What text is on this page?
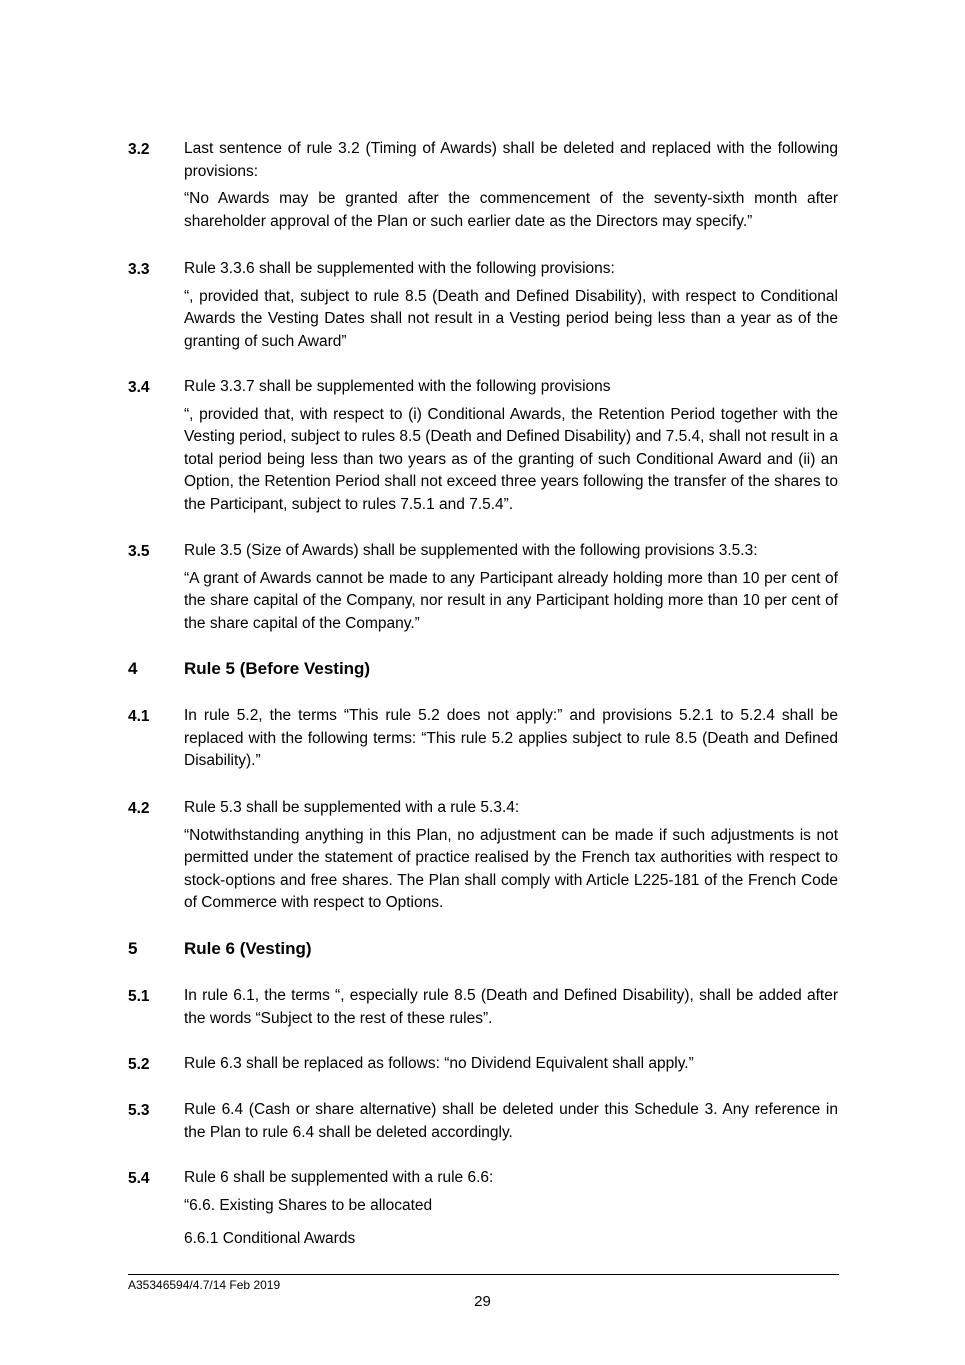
3.2	Last sentence of rule 3.2 (Timing of Awards) shall be deleted and replaced with the following provisions:

“No Awards may be granted after the commencement of the seventy-sixth month after shareholder approval of the Plan or such earlier date as the Directors may specify.”

3.3	Rule 3.3.6 shall be supplemented with the following provisions:

“, provided that, subject to rule 8.5 (Death and Defined Disability), with respect to Conditional Awards the Vesting Dates shall not result in a Vesting period being less than a year as of the granting of such Award”

3.4	Rule 3.3.7 shall be supplemented with the following provisions

“, provided that, with respect to (i) Conditional Awards, the Retention Period together with the Vesting period, subject to rules 8.5 (Death and Defined Disability) and 7.5.4, shall not result in a total period being less than two years as of the granting of such Conditional Award and (ii) an Option, the Retention Period shall not exceed three years following the transfer of the shares to the Participant, subject to rules 7.5.1 and 7.5.4”.

3.5	Rule 3.5 (Size of Awards) shall be supplemented with the following provisions 3.5.3:

“A grant of Awards cannot be made to any Participant already holding more than 10 per cent of the share capital of the Company, nor result in any Participant holding more than 10 per cent of the share capital of the Company.”

4	Rule 5 (Before Vesting)
4.1	In rule 5.2, the terms “This rule 5.2 does not apply:” and provisions 5.2.1 to 5.2.4 shall be replaced with the following terms: “This rule 5.2 applies subject to rule 8.5 (Death and Defined Disability).”

4.2	Rule 5.3 shall be supplemented with a rule 5.3.4:

“Notwithstanding anything in this Plan, no adjustment can be made if such adjustments is not permitted under the statement of practice realised by the French tax authorities with respect to stock-options and free shares. The Plan shall comply with Article L225-181 of the French Code of Commerce with respect to Options.

5	Rule 6 (Vesting)
5.1	In rule 6.1, the terms “, especially rule 8.5 (Death and Defined Disability), shall be added after the words “Subject to the rest of these rules”.

5.2	Rule 6.3 shall be replaced as follows: “no Dividend Equivalent shall apply.”

5.3	Rule 6.4 (Cash or share alternative) shall be deleted under this Schedule 3. Any reference in the Plan to rule 6.4 shall be deleted accordingly.

5.4	Rule 6 shall be supplemented with a rule 6.6:

“6.6. Existing Shares to be allocated

6.6.1 Conditional Awards

A35346594/4.7/14 Feb 2019
29
